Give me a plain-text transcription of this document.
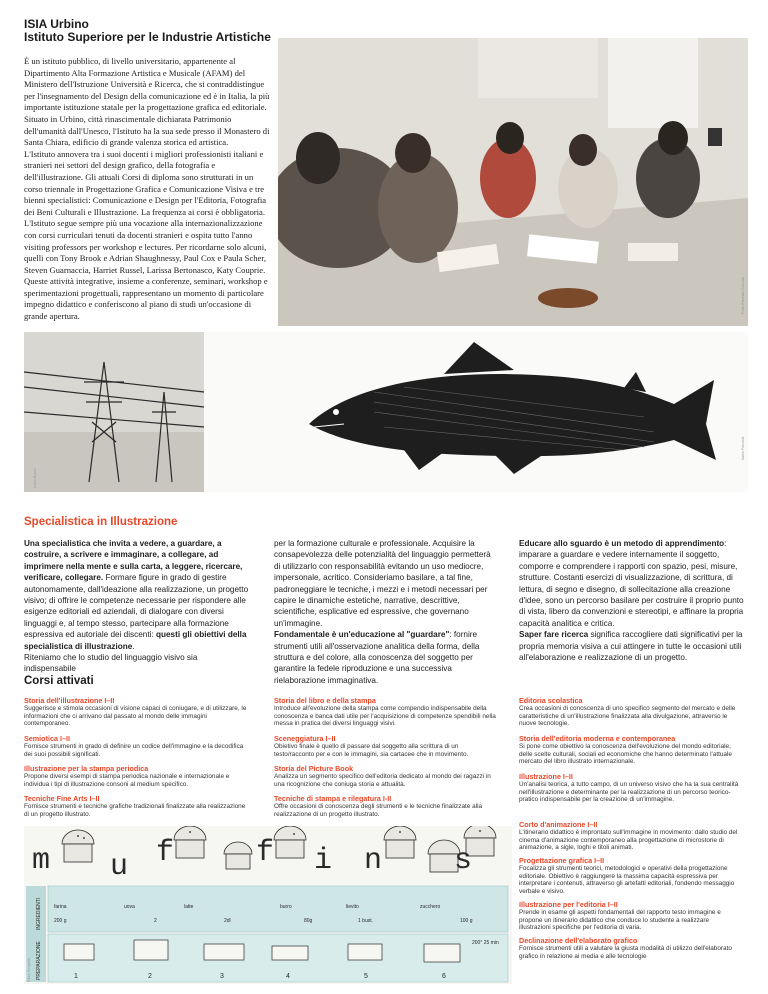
ISIA Urbino
Istituto Superiore per le Industrie Artistiche

È un istituto pubblico, di livello universitario, appartenente al Dipartimento Alta Formazione Artistica e Musicale (AFAM) del Ministero dell'Istruzione Università e Ricerca, che si contraddistingue per l'insegnamento del Design della comunicazione ed è in Italia, la più importante istituzione statale per la progettazione grafica ed editoriale.

Situato in Urbino, città rinascimentale dichiarata Patrimonio dell'umanità dall'Unesco, l'Istituto ha la sua sede presso il Monastero di Santa Chiara, edificio di grande valenza storica ed artistica.

L'Istituto annovera tra i suoi docenti i migliori professionisti italiani e stranieri nei settori del design grafico, della fotografia e dell'illustrazione. Gli attuali Corsi di diploma sono strutturati in un corso triennale in Progettazione Grafica e Comunicazione Visiva e tre bienni specialistici: Comunicazione e Design per l'Editoria, Fotografia dei Beni Culturali e Illustrazione. La frequenza ai corsi è obbligatoria. L'Istituto segue sempre più una vocazione alla internazionalizzazione con corsi curriculari tenuti da docenti stranieri e ospita tutto l'anno visiting professors per workshop e lectures. Per ricordarne solo alcuni, quelli con Tony Brook e Adrian Shaughnessy, Paul Cox e Paula Scher, Steven Guarnaccia, Harriet Russel, Larissa Bertonasco, Katy Couprie. Queste attività integrative, insieme a conferenze, seminari, workshop e sperimentazioni progettuali, rappresentano un momento di particolare impegno didattico e conferiscono al piano di studi un'occasione di grande apertura.

Foto Ernesto Ciccotti
Luca Bucci
Ilaria Faccioli
Specialistica in Illustrazione
Una specialistica che invita a vedere, a guardare, a costruire, a scrivere e immaginare, a collegare, ad imprimere nella mente e sulla carta, a leggere, ricercare, verificare, collegare. Formare figure in grado di gestire autonomamente, dall'ideazione alla realizzazione, un progetto visivo; di offrire le competenze necessarie per rispondere alle esigenze editoriali ed aziendali, di dialogare con diversi linguaggi e, al tempo stesso, partecipare alla formazione espressiva ed autoriale dei discenti: questi gli obiettivi della specialistica di illustrazione.
Riteniamo che lo studio del linguaggio visivo sia indispensabile
per la formazione culturale e professionale. Acquisire la consapevolezza delle potenzialità del linguaggio permetterà di utilizzarlo con responsabilità evitando un uso mediocre, impersonale, acritico. Consideriamo basilare, a tal fine, padroneggiare le tecniche, i mezzi e i metodi necessari per capire le dinamiche estetiche, narrative, descrittive, scientifiche, esplicative ed espressive, che governano un'immagine.
Fondamentale è un'educazione al "guardare": fornire strumenti utili all'osservazione analitica della forma, della struttura e del colore, alla conoscenza del soggetto per garantire la fedele riproduzione e una successiva rielaborazione immaginativa.
Educare allo sguardo è un metodo di apprendimento: imparare a guardare e vedere internamente il soggetto, comporre e comprendere i rapporti con spazio, pesi, misure, strutture. Costanti esercizi di visualizzazione, di scrittura, di lettura, di segno e disegno, di sollecitazione alla creazione d'idee, sono un percorso basilare per costruire il proprio punto di vista, libero da convenzioni e stereotipi, e affinare la propria capacità analitica e critica.
Saper fare ricerca significa raccogliere dati significativi per la propria memoria visiva a cui attingere in tutte le occasioni utili all'elaborazione e realizzazione di un progetto.
Corsi attivati
Storia dell'illustrazione I–II
Suggerisce e stimola occasioni di visione capaci di coniugare, e di utilizzare, le informazioni che ci arrivano dal passato al mondo delle immagini contemporaneo.
Semiotica I–II
Fornisce strumenti in grado di definire un codice dell'immagine e la decodifica dei suoi possibili significati.
Illustrazione per la stampa periodica
Propone diversi esempi di stampa periodica nazionale e internazionale e individua i tipi di illustrazione consoni al medium specifico.
Tecniche Fine Arts I–II
Fornisce strumenti e tecniche grafiche tradizionali finalizzate alla realizzazione di un progetto illustrato.
Storia del libro e della stampa
Introduce all'evoluzione della stampa come compendio indispensabile della conoscenza e banca dati utile per l'acquisizione di competenze spendibili nella messa in pratica dei diversi linguaggi visivi.
Sceneggiatura I–II
Obietivo finale è quello di passare dal soggetto alla scrittura di un testo/racconto per e con le immagini, sia cartacee che in movimento.
Storia del Picture Book
Analizza un segmento specifico dell'editoria dedicato al mondo dei ragazzi in una ricognizione che coniuga storia e attualità.
Tecniche di stampa e rilegatura I-II
Offre occasioni di conoscenza degli strumenti e le tecniche finalizzate alla realizzazione di un progetto illustrato.
Editoria scolastica
Crea occasioni di conoscenza di uno specifico segmento del mercato e delle caratteristiche di un'illustrazione finalizzata alla divulgazione, attraverso le nuove tecnologie.
Storia dell'editoria moderna e contemporanea
Si pone come obiettivo la conoscenza dell'evoluzione del mondo editoriale, delle scelte culturali, sociali ed economiche che hanno determinato l'attuale mercato del libro illustrato internazionale.
Illustrazione I–II
Un'analisi teorica, a tutto campo, di un universo visivo che ha la sua centralità nell'illustrazione e determinante per la realizzazione di un percorso teorico-pratico indispensabile per la creazione di un'immagine.
Corto d'animazione I–II
L'itinerario didattico è improntato sull'immagine in movimento: dallo studio del cinema d'animazione contemporaneo alla progettazione di microstorie di animazione, a sigle, loghi e titoli animati.
Progettazione grafica I–II
Focalizza gli strumenti teorici, metodologici e operativi della progettazione editoriale. Obiettivo è raggiungere la massima capacità espressiva per interpretare i contenuti, attraverso gli artefatti editoriali, fondendo messaggio verbale e visivo.
Illustrazione per l'editoria I–II
Prende in esame gli aspetti fondamentali del rapporto testo immagine e propone un itinerario didattico che conduce lo studente a realizzare illustrazioni specifiche per l'editoria di varia.
Declinazione dell'elaborato grafico
Fornisce strumenti utili a valutare la giusta modalità di utilizzo dell'elaborato grafico in relazione ai media e alle tecnologie
m u f	f i n s
INGREDIENTI
PREPARAZIONE
farina
200 g
uova
2
latte
2dl
burro
80g
lievito
1 bust.
zucchero
100 g
200° 25 min
1	2	3	4	5	6
Elisa Scopelli
